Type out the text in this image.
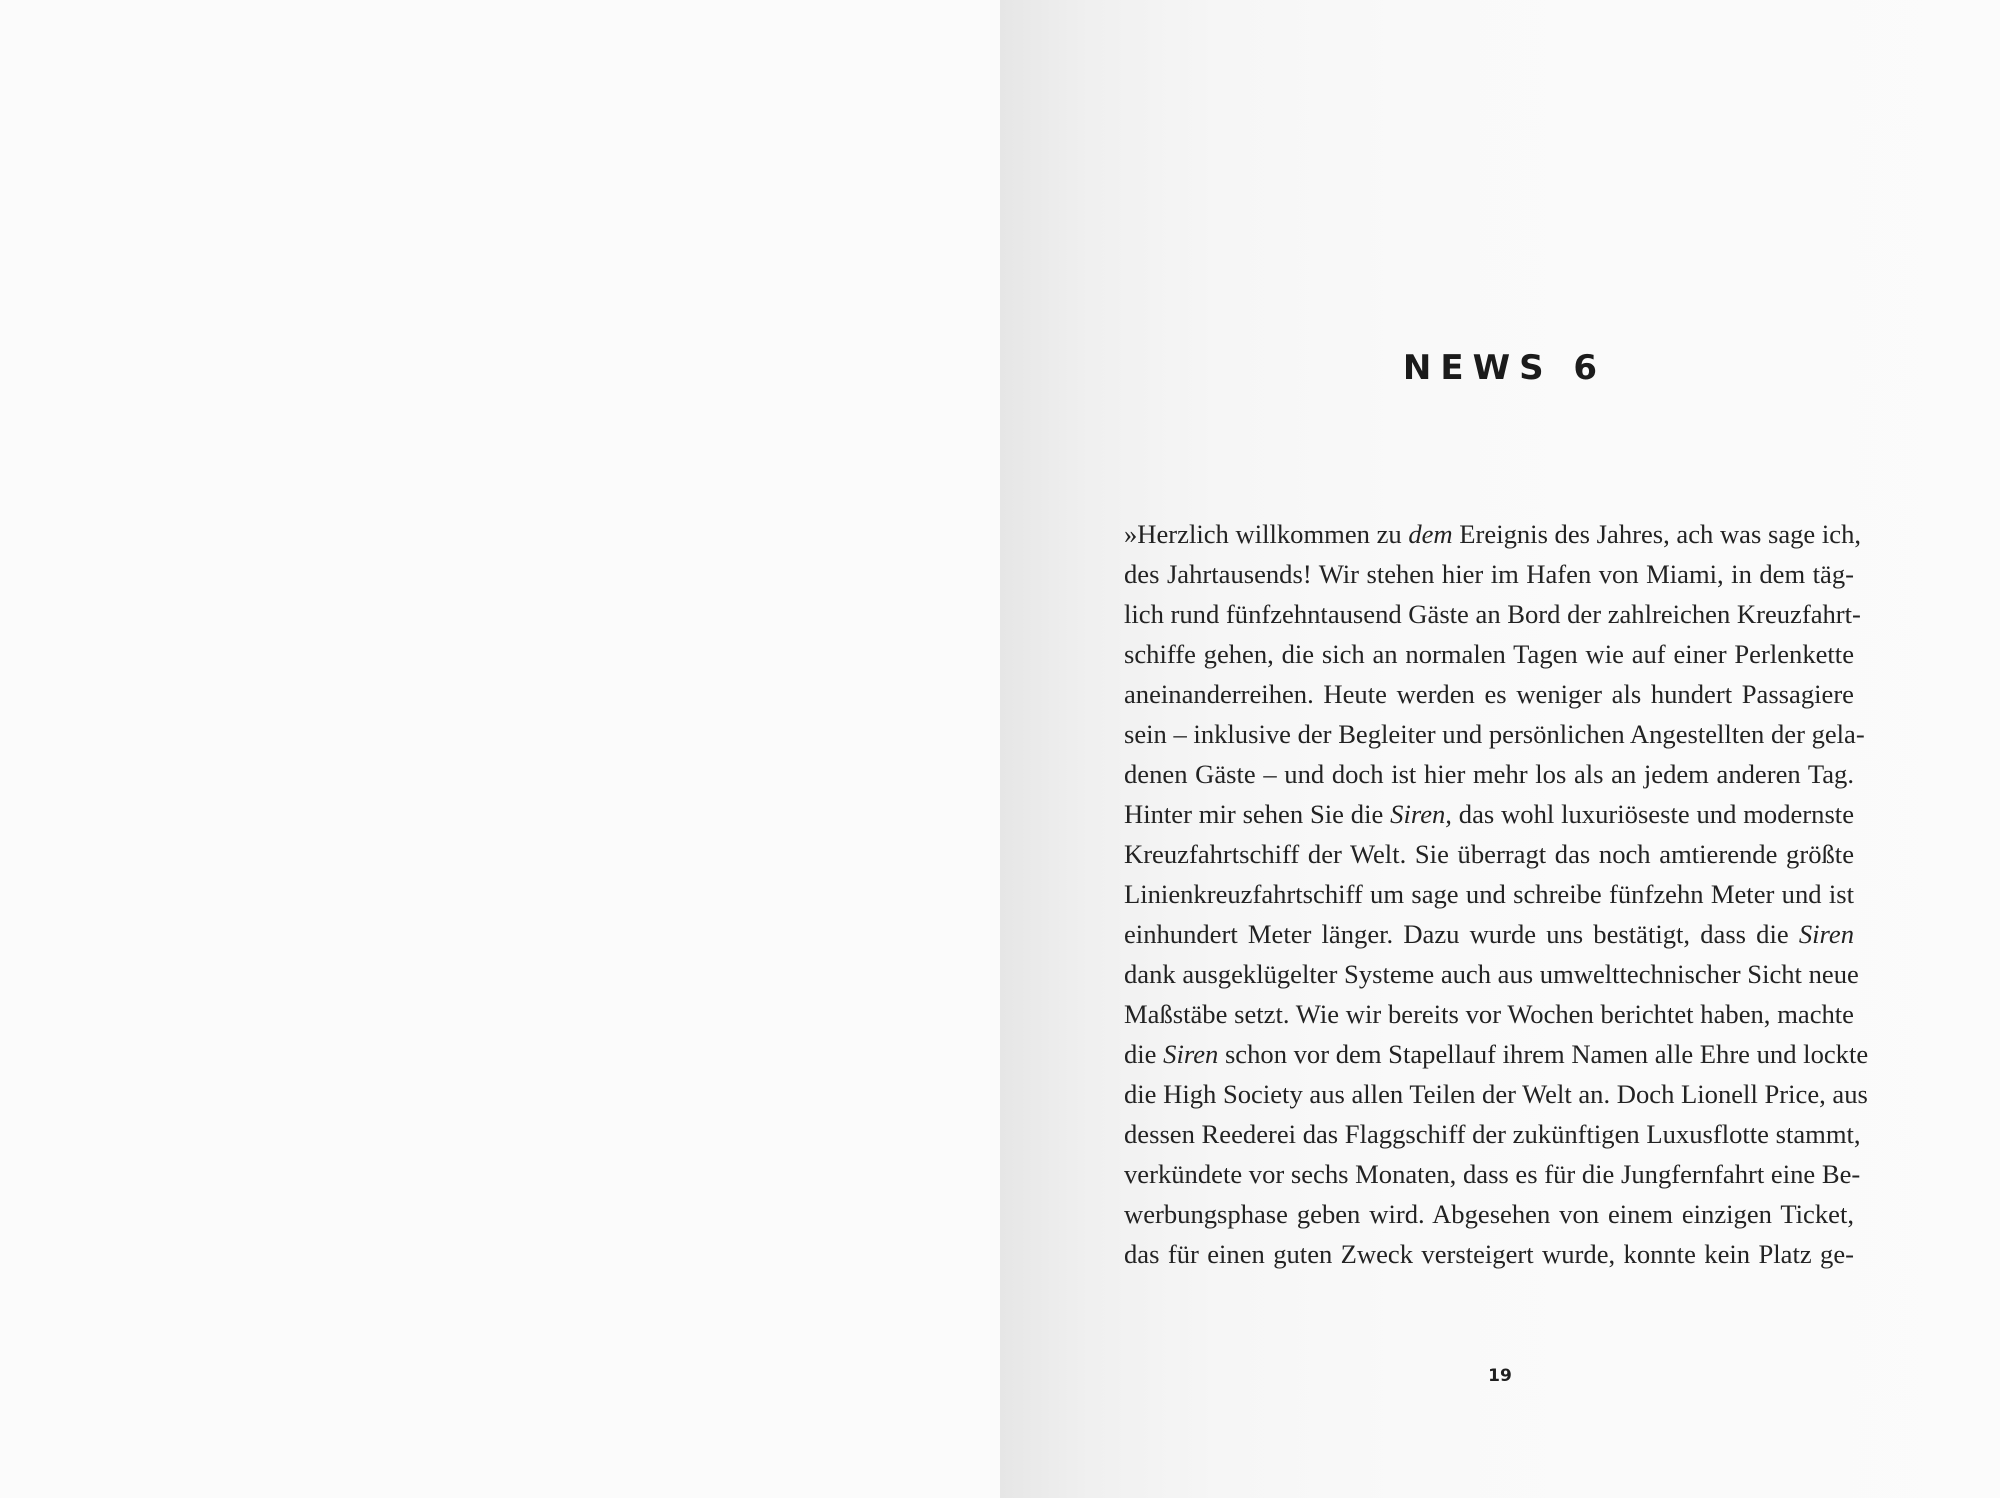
NEWS 6
»Herzlich willkommen zu dem Ereignis des Jahres, ach was sage ich,
des Jahrtausends! Wir stehen hier im Hafen von Miami, in dem täg-
lich rund fünfzehntausend Gäste an Bord der zahlreichen Kreuzfahrt-
schiffe gehen, die sich an normalen Tagen wie auf einer Perlenkette
aneinanderreihen. Heute werden es weniger als hundert Passagiere
sein – inklusive der Begleiter und persönlichen Angestellten der gela-
denen Gäste – und doch ist hier mehr los als an jedem anderen Tag.
Hinter mir sehen Sie die Siren, das wohl luxuriöseste und modernste
Kreuzfahrtschiff der Welt. Sie überragt das noch amtierende größte
Linienkreuzfahrtschiff um sage und schreibe fünfzehn Meter und ist
einhundert Meter länger. Dazu wurde uns bestätigt, dass die Siren
dank ausgeklügelter Systeme auch aus umwelttechnischer Sicht neue
Maßstäbe setzt. Wie wir bereits vor Wochen berichtet haben, machte
die Siren schon vor dem Stapellauf ihrem Namen alle Ehre und lockte
die High Society aus allen Teilen der Welt an. Doch Lionell Price, aus
dessen Reederei das Flaggschiff der zukünftigen Luxusflotte stammt,
verkündete vor sechs Monaten, dass es für die Jungfernfahrt eine Be-
werbungsphase geben wird. Abgesehen von einem einzigen Ticket,
das für einen guten Zweck versteigert wurde, konnte kein Platz ge-
19
